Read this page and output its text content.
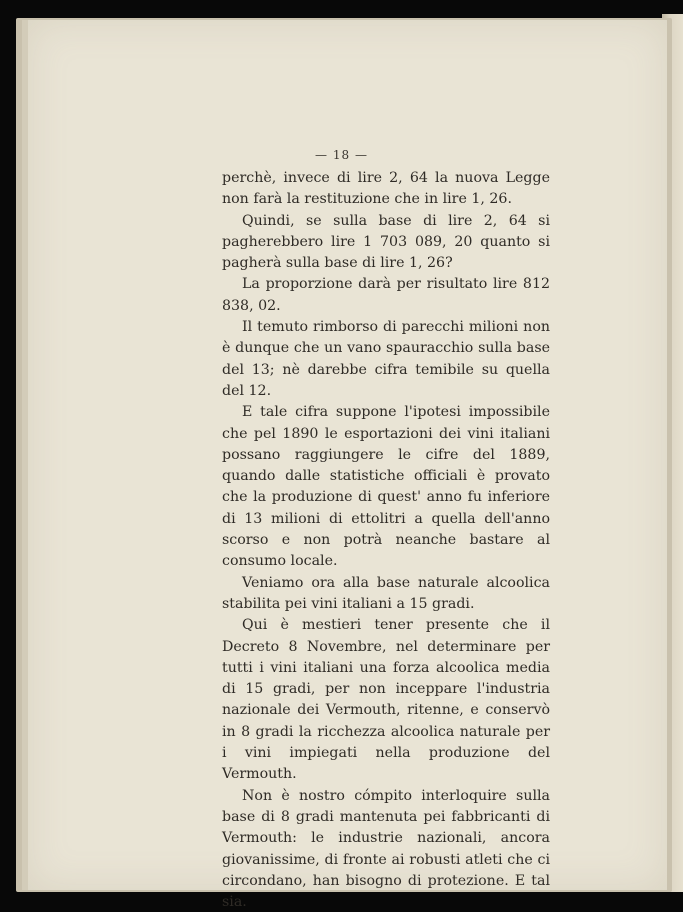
— 18 —

perchè, invece di lire 2, 64 la nuova Legge non farà la restituzione che in lire 1, 26.

Quindi, se sulla base di lire 2, 64 si pagherebbero lire 1 703 089, 20 quanto si pagherà sulla base di lire 1, 26?

La proporzione darà per risultato lire 812 838, 02.

Il temuto rimborso di parecchi milioni non è dunque che un vano spauracchio sulla base del 13; nè darebbe cifra temibile su quella del 12.

E tale cifra suppone l'ipotesi impossibile che pel 1890 le esportazioni dei vini italiani possano raggiungere le cifre del 1889, quando dalle statistiche officiali è provato che la produzione di quest' anno fu inferiore di 13 milioni di ettolitri a quella dell'anno scorso e non potrà neanche bastare al consumo locale.

Veniamo ora alla base naturale alcoolica stabilita pei vini italiani a 15 gradi.

Qui è mestieri tener presente che il Decreto 8 Novembre, nel determinare per tutti i vini italiani una forza alcoolica media di 15 gradi, per non inceppare l'industria nazionale dei Vermouth, ritenne, e conservò in 8 gradi la ricchezza alcoolica naturale per i vini impiegati nella produzione del Vermouth.

Non è nostro cómpito interloquire sulla base di 8 gradi mantenuta pei fabbricanti di Vermouth: le industrie nazionali, ancora giovanissime, di fronte ai robusti atleti che ci circondano, han bisogno di protezione. E tal sia.
